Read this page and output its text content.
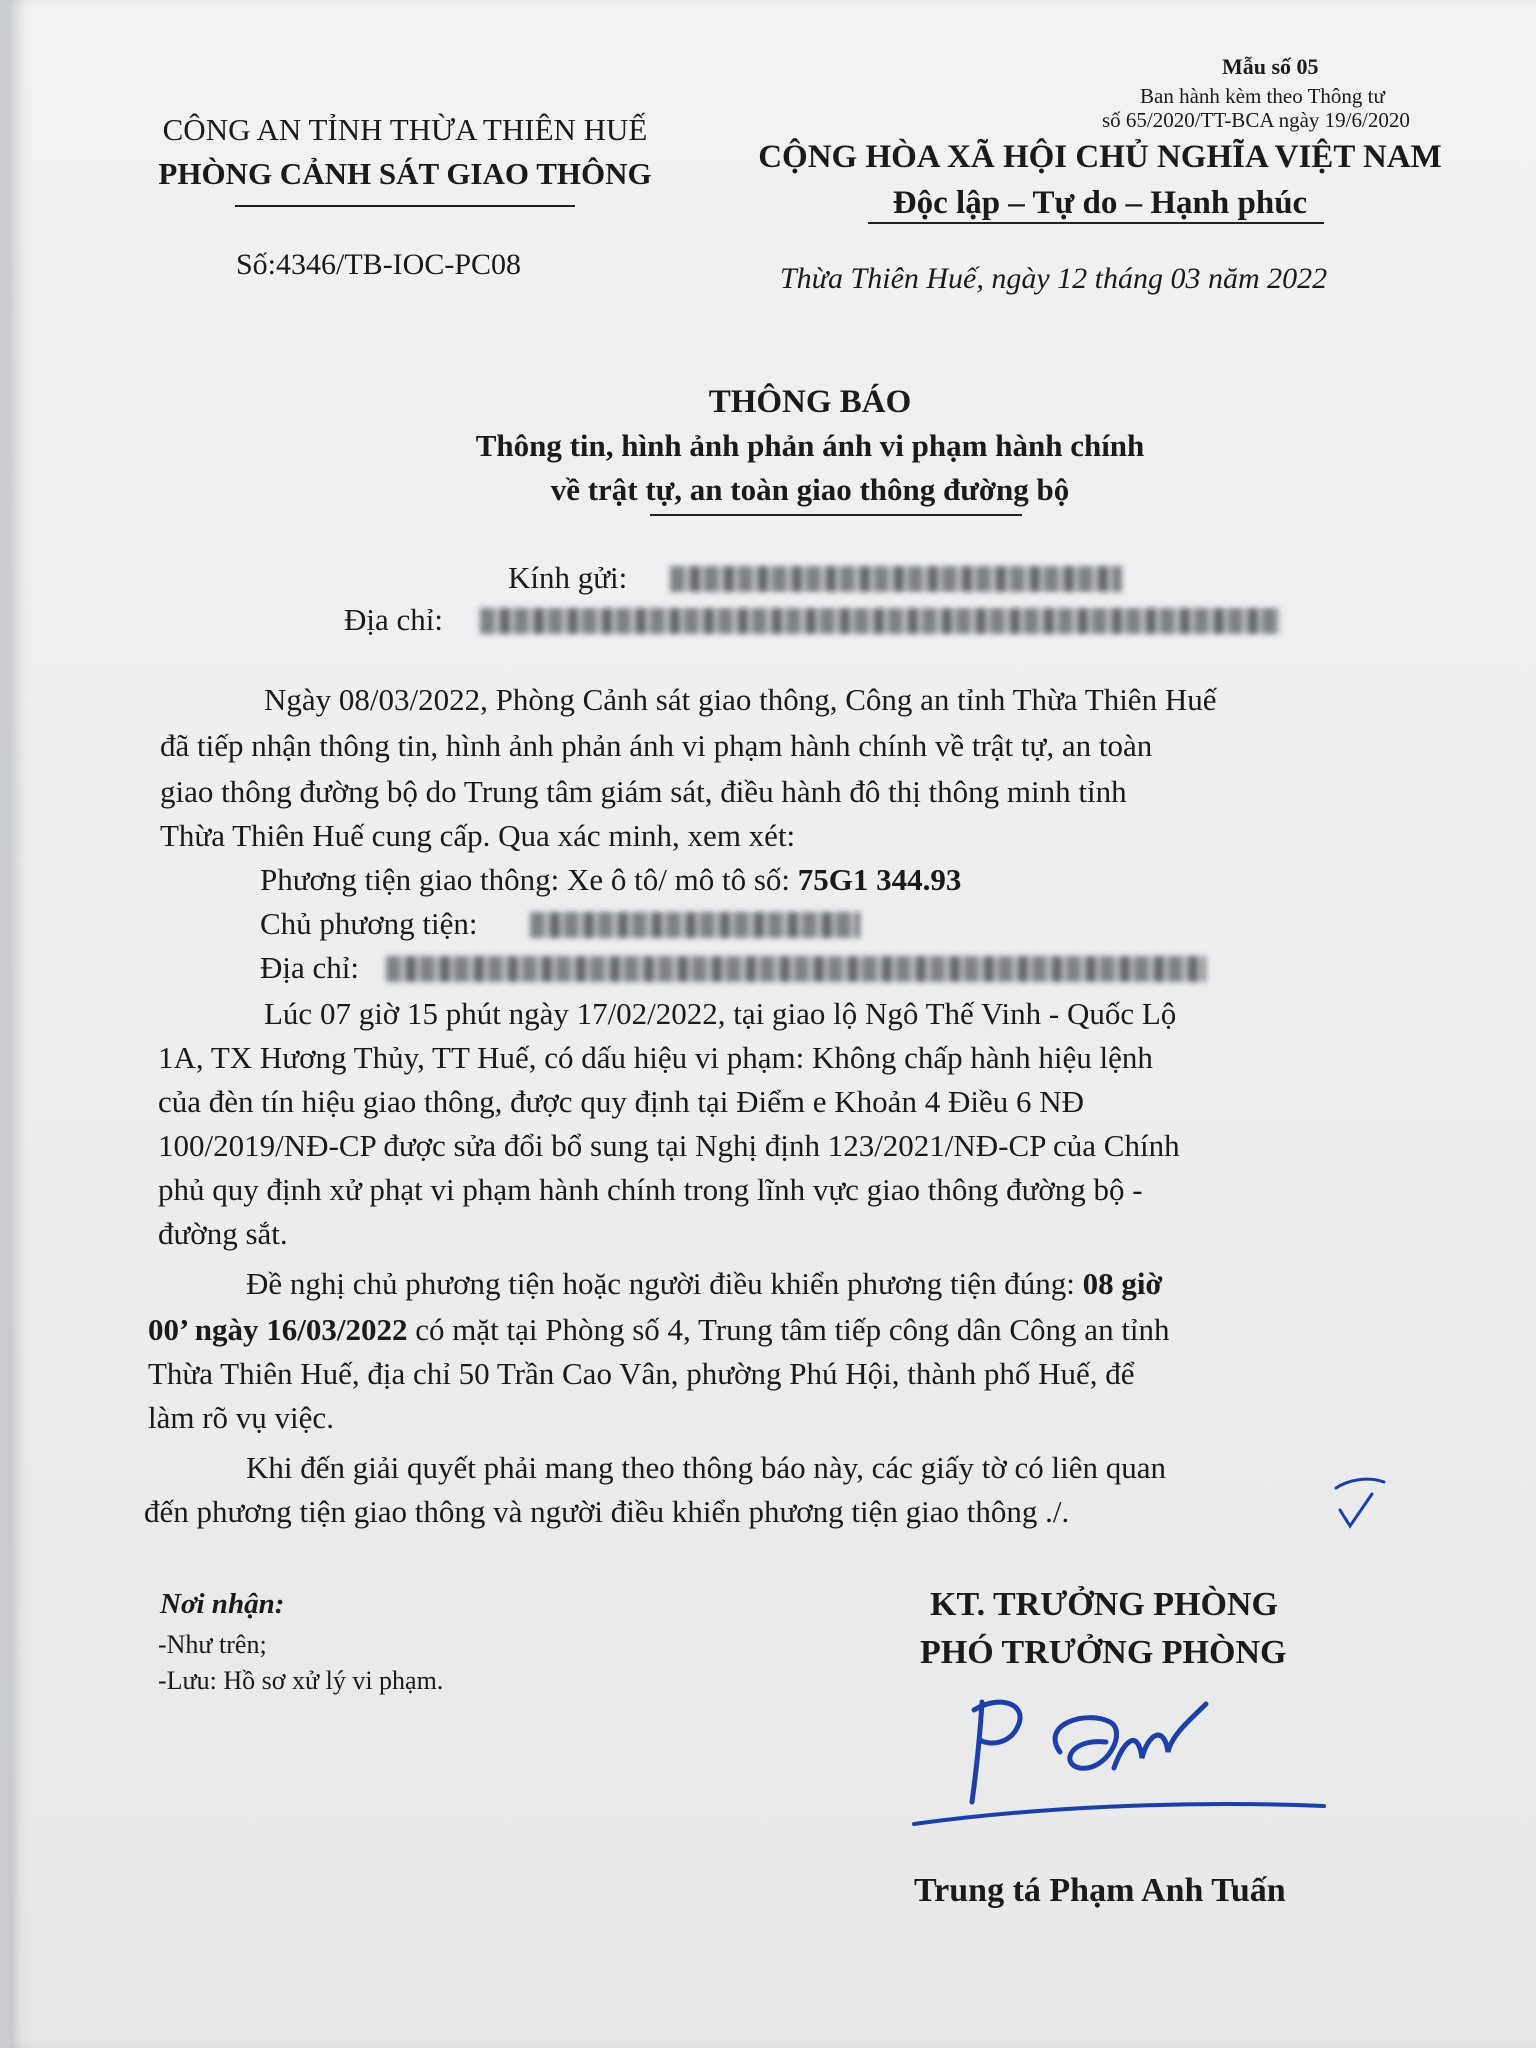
Mẫu số 05
Ban hành kèm theo Thông tư
số 65/2020/TT-BCA ngày 19/6/2020
CÔNG AN TỈNH THỪA THIÊN HUẾ
PHÒNG CẢNH SÁT GIAO THÔNG	CỘNG HÒA XÃ HỘI CHỦ NGHĨA VIỆT NAM
Độc lập – Tự do – Hạnh phúc
Số:4346/TB-IOC-PC08	Thừa Thiên Huế, ngày 12 tháng 03 năm 2022
THÔNG BÁO
Thông tin, hình ảnh phản ánh vi phạm hành chính
về trật tự, an toàn giao thông đường bộ
Kính gửi:
Địa chỉ:
Ngày 08/03/2022, Phòng Cảnh sát giao thông, Công an tỉnh Thừa Thiên Huế
đã tiếp nhận thông tin, hình ảnh phản ánh vi phạm hành chính về trật tự, an toàn
giao thông đường bộ do Trung tâm giám sát, điều hành đô thị thông minh tỉnh
Thừa Thiên Huế cung cấp. Qua xác minh, xem xét:
Phương tiện giao thông: Xe ô tô/ mô tô số: 75G1 344.93
Chủ phương tiện:
Địa chỉ:
Lúc 07 giờ 15 phút ngày 17/02/2022, tại giao lộ Ngô Thế Vinh - Quốc Lộ
1A, TX Hương Thủy, TT Huế, có dấu hiệu vi phạm: Không chấp hành hiệu lệnh
của đèn tín hiệu giao thông, được quy định tại Điểm e Khoản 4 Điều 6 NĐ
100/2019/NĐ-CP được sửa đổi bổ sung tại Nghị định 123/2021/NĐ-CP của Chính
phủ quy định xử phạt vi phạm hành chính trong lĩnh vực giao thông đường bộ -
đường sắt.
Đề nghị chủ phương tiện hoặc người điều khiển phương tiện đúng: 08 giờ
00’ ngày 16/03/2022 có mặt tại Phòng số 4, Trung tâm tiếp công dân Công an tỉnh
Thừa Thiên Huế, địa chỉ 50 Trần Cao Vân, phường Phú Hội, thành phố Huế, để
làm rõ vụ việc.
Khi đến giải quyết phải mang theo thông báo này, các giấy tờ có liên quan
đến phương tiện giao thông và người điều khiển phương tiện giao thông ./.
Nơi nhận:
-Như trên;
-Lưu: Hồ sơ xử lý vi phạm.
KT. TRƯỞNG PHÒNG
PHÓ TRƯỞNG PHÒNG
Trung tá Phạm Anh Tuấn
